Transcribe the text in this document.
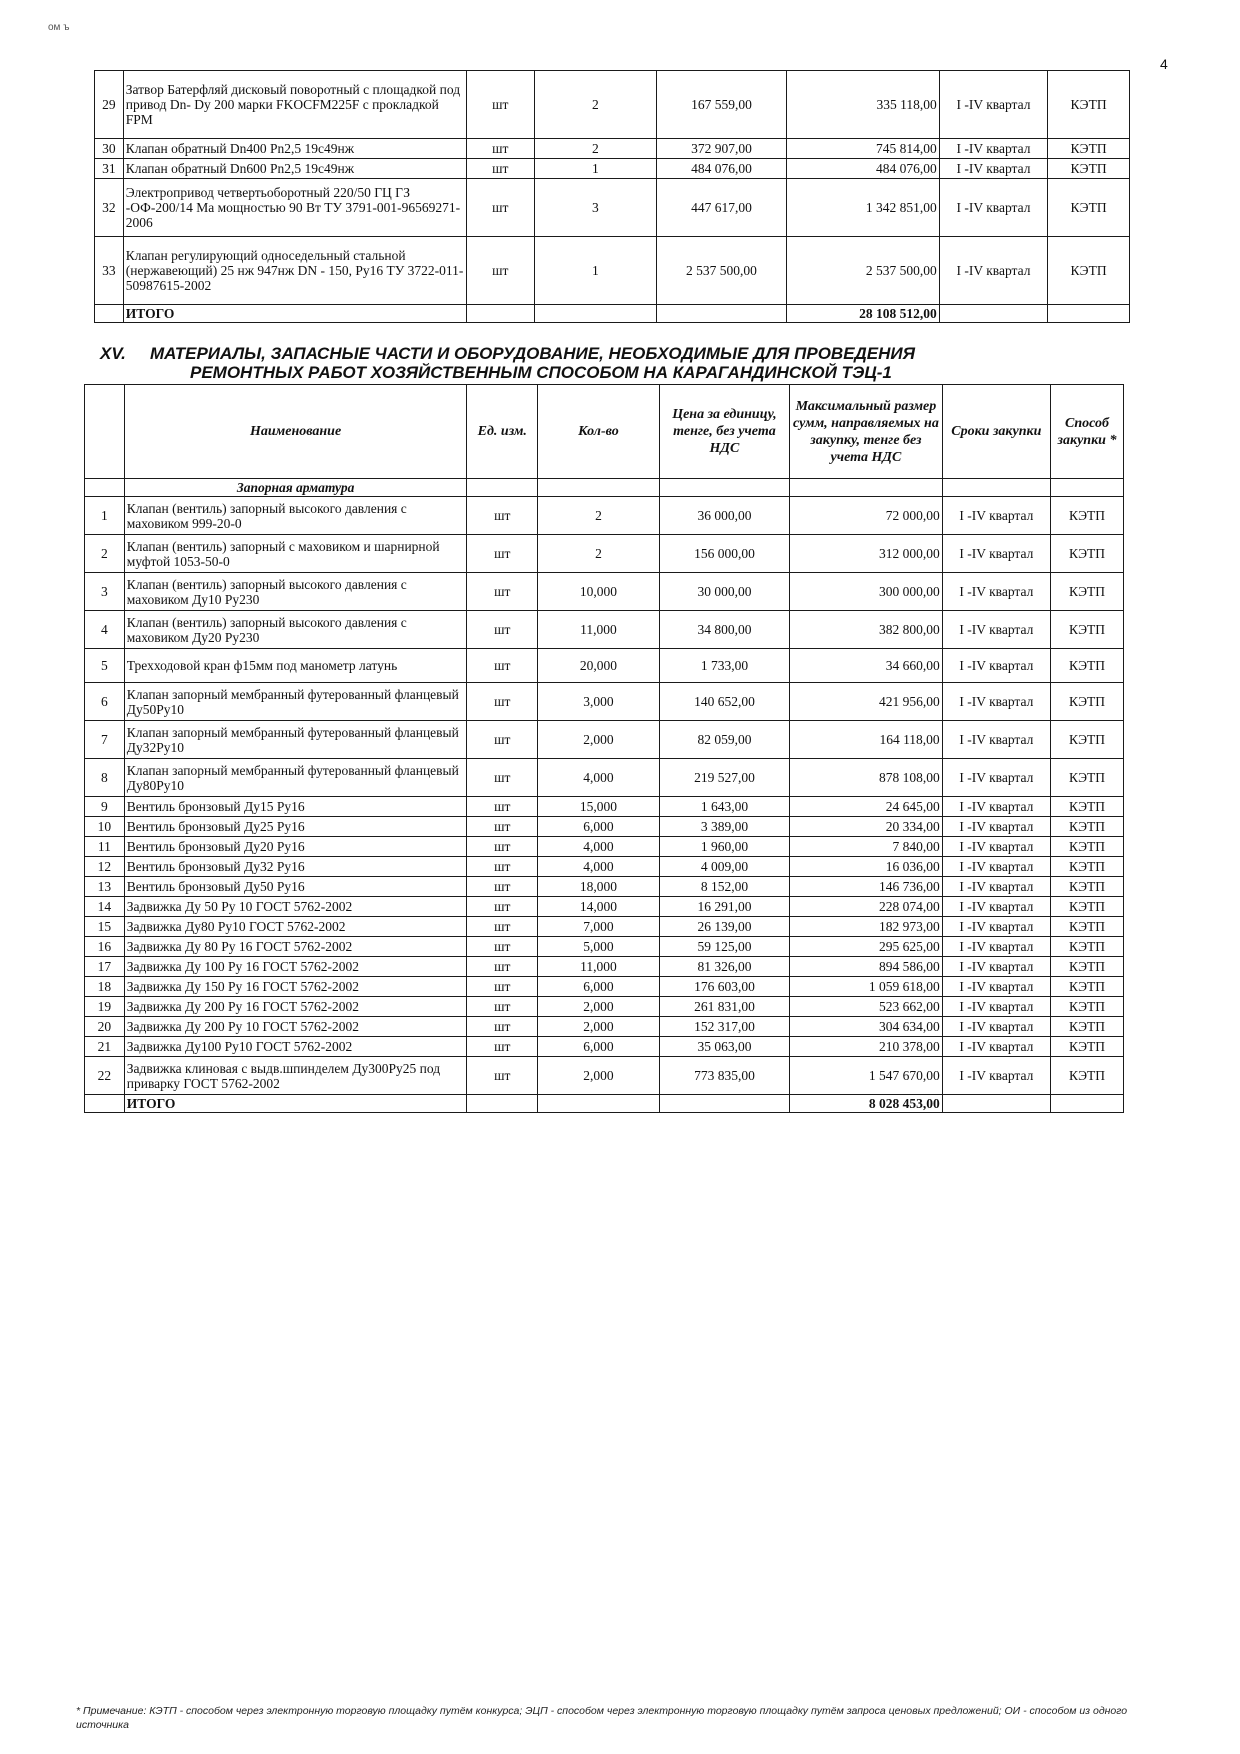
ом ъ
4
29	Затвор Батерфляй дисковый поворотный с площадкой под привод Dn- Dy 200 марки FKOCFM225F с прокладкой FPM	шт	2	167 559,00	335 118,00	I -IV квартал	КЭТП
30	Клапан обратный Dn400 Pn2,5 19с49нж	шт	2	372 907,00	745 814,00	I -IV квартал	КЭТП
31	Клапан обратный Dn600 Pn2,5 19с49нж	шт	1	484 076,00	484 076,00	I -IV квартал	КЭТП
32	Электропривод четвертьоборотный 220/50 ГЦ ГЗ -ОФ-200/14 Ма мощностью 90 Вт ТУ 3791-001-96569271-2006	шт	3	447 617,00	1 342 851,00	I -IV квартал	КЭТП
33	Клапан регулирующий односедельный стальной (нержавеющий) 25 нж 947нж DN - 150, Ру16 ТУ 3722-011- 50987615-2002	шт	1	2 537 500,00	2 537 500,00	I -IV квартал	КЭТП
	ИТОГО				28 108 512,00		
XV. МАТЕРИАЛЫ, ЗАПАСНЫЕ ЧАСТИ И ОБОРУДОВАНИЕ, НЕОБХОДИМЫЕ ДЛЯ ПРОВЕДЕНИЯ
РЕМОНТНЫХ РАБОТ ХОЗЯЙСТВЕННЫМ СПОСОБОМ НА КАРАГАНДИНСКОЙ ТЭЦ-1
	Наименование	Ед. изм.	Кол-во	Цена за единицу, тенге, без учета НДС	Максимальный размер сумм, направляемых на закупку, тенге без учета НДС	Сроки закупки	Способ закупки *
	Запорная арматура						
1	Клапан (вентиль) запорный высокого давления с маховиком 999-20-0	шт	2	36 000,00	72 000,00	I -IV квартал	КЭТП
2	Клапан (вентиль) запорный с маховиком и шарнирной муфтой 1053-50-0	шт	2	156 000,00	312 000,00	I -IV квартал	КЭТП
3	Клапан (вентиль) запорный высокого давления с маховиком Ду10 Ру230	шт	10,000	30 000,00	300 000,00	I -IV квартал	КЭТП
4	Клапан (вентиль) запорный высокого давления с маховиком Ду20 Ру230	шт	11,000	34 800,00	382 800,00	I -IV квартал	КЭТП
5	Трехходовой кран ф15мм под манометр латунь	шт	20,000	1 733,00	34 660,00	I -IV квартал	КЭТП
6	Клапан запорный мембранный футерованный фланцевый Ду50Ру10	шт	3,000	140 652,00	421 956,00	I -IV квартал	КЭТП
7	Клапан запорный мембранный футерованный фланцевый Ду32Ру10	шт	2,000	82 059,00	164 118,00	I -IV квартал	КЭТП
8	Клапан запорный мембранный футерованный фланцевый Ду80Ру10	шт	4,000	219 527,00	878 108,00	I -IV квартал	КЭТП
9	Вентиль бронзовый Ду15 Ру16	шт	15,000	1 643,00	24 645,00	I -IV квартал	КЭТП
10	Вентиль бронзовый Ду25 Ру16	шт	6,000	3 389,00	20 334,00	I -IV квартал	КЭТП
11	Вентиль бронзовый Ду20 Ру16	шт	4,000	1 960,00	7 840,00	I -IV квартал	КЭТП
12	Вентиль бронзовый Ду32 Ру16	шт	4,000	4 009,00	16 036,00	I -IV квартал	КЭТП
13	Вентиль бронзовый Ду50 Ру16	шт	18,000	8 152,00	146 736,00	I -IV квартал	КЭТП
14	Задвижка Ду 50 Ру 10 ГОСТ 5762-2002	шт	14,000	16 291,00	228 074,00	I -IV квартал	КЭТП
15	Задвижка Ду80 Ру10 ГОСТ 5762-2002	шт	7,000	26 139,00	182 973,00	I -IV квартал	КЭТП
16	Задвижка Ду 80 Ру 16 ГОСТ 5762-2002	шт	5,000	59 125,00	295 625,00	I -IV квартал	КЭТП
17	Задвижка Ду 100 Ру 16 ГОСТ 5762-2002	шт	11,000	81 326,00	894 586,00	I -IV квартал	КЭТП
18	Задвижка Ду 150 Ру 16 ГОСТ 5762-2002	шт	6,000	176 603,00	1 059 618,00	I -IV квартал	КЭТП
19	Задвижка Ду 200 Ру 16 ГОСТ 5762-2002	шт	2,000	261 831,00	523 662,00	I -IV квартал	КЭТП
20	Задвижка Ду 200 Ру 10 ГОСТ 5762-2002	шт	2,000	152 317,00	304 634,00	I -IV квартал	КЭТП
21	Задвижка Ду100 Ру10 ГОСТ 5762-2002	шт	6,000	35 063,00	210 378,00	I -IV квартал	КЭТП
22	Задвижка клиновая с выдв.шпинделем Ду300Ру25 под приварку ГОСТ 5762-2002	шт	2,000	773 835,00	1 547 670,00	I -IV квартал	КЭТП
	ИТОГО				8 028 453,00		
* Примечание: КЭТП - способом через электронную торговую площадку путём конкурса; ЭЦП - способом через электронную торговую площадку путём запроса ценовых предложений; ОИ - способом из одного источника
